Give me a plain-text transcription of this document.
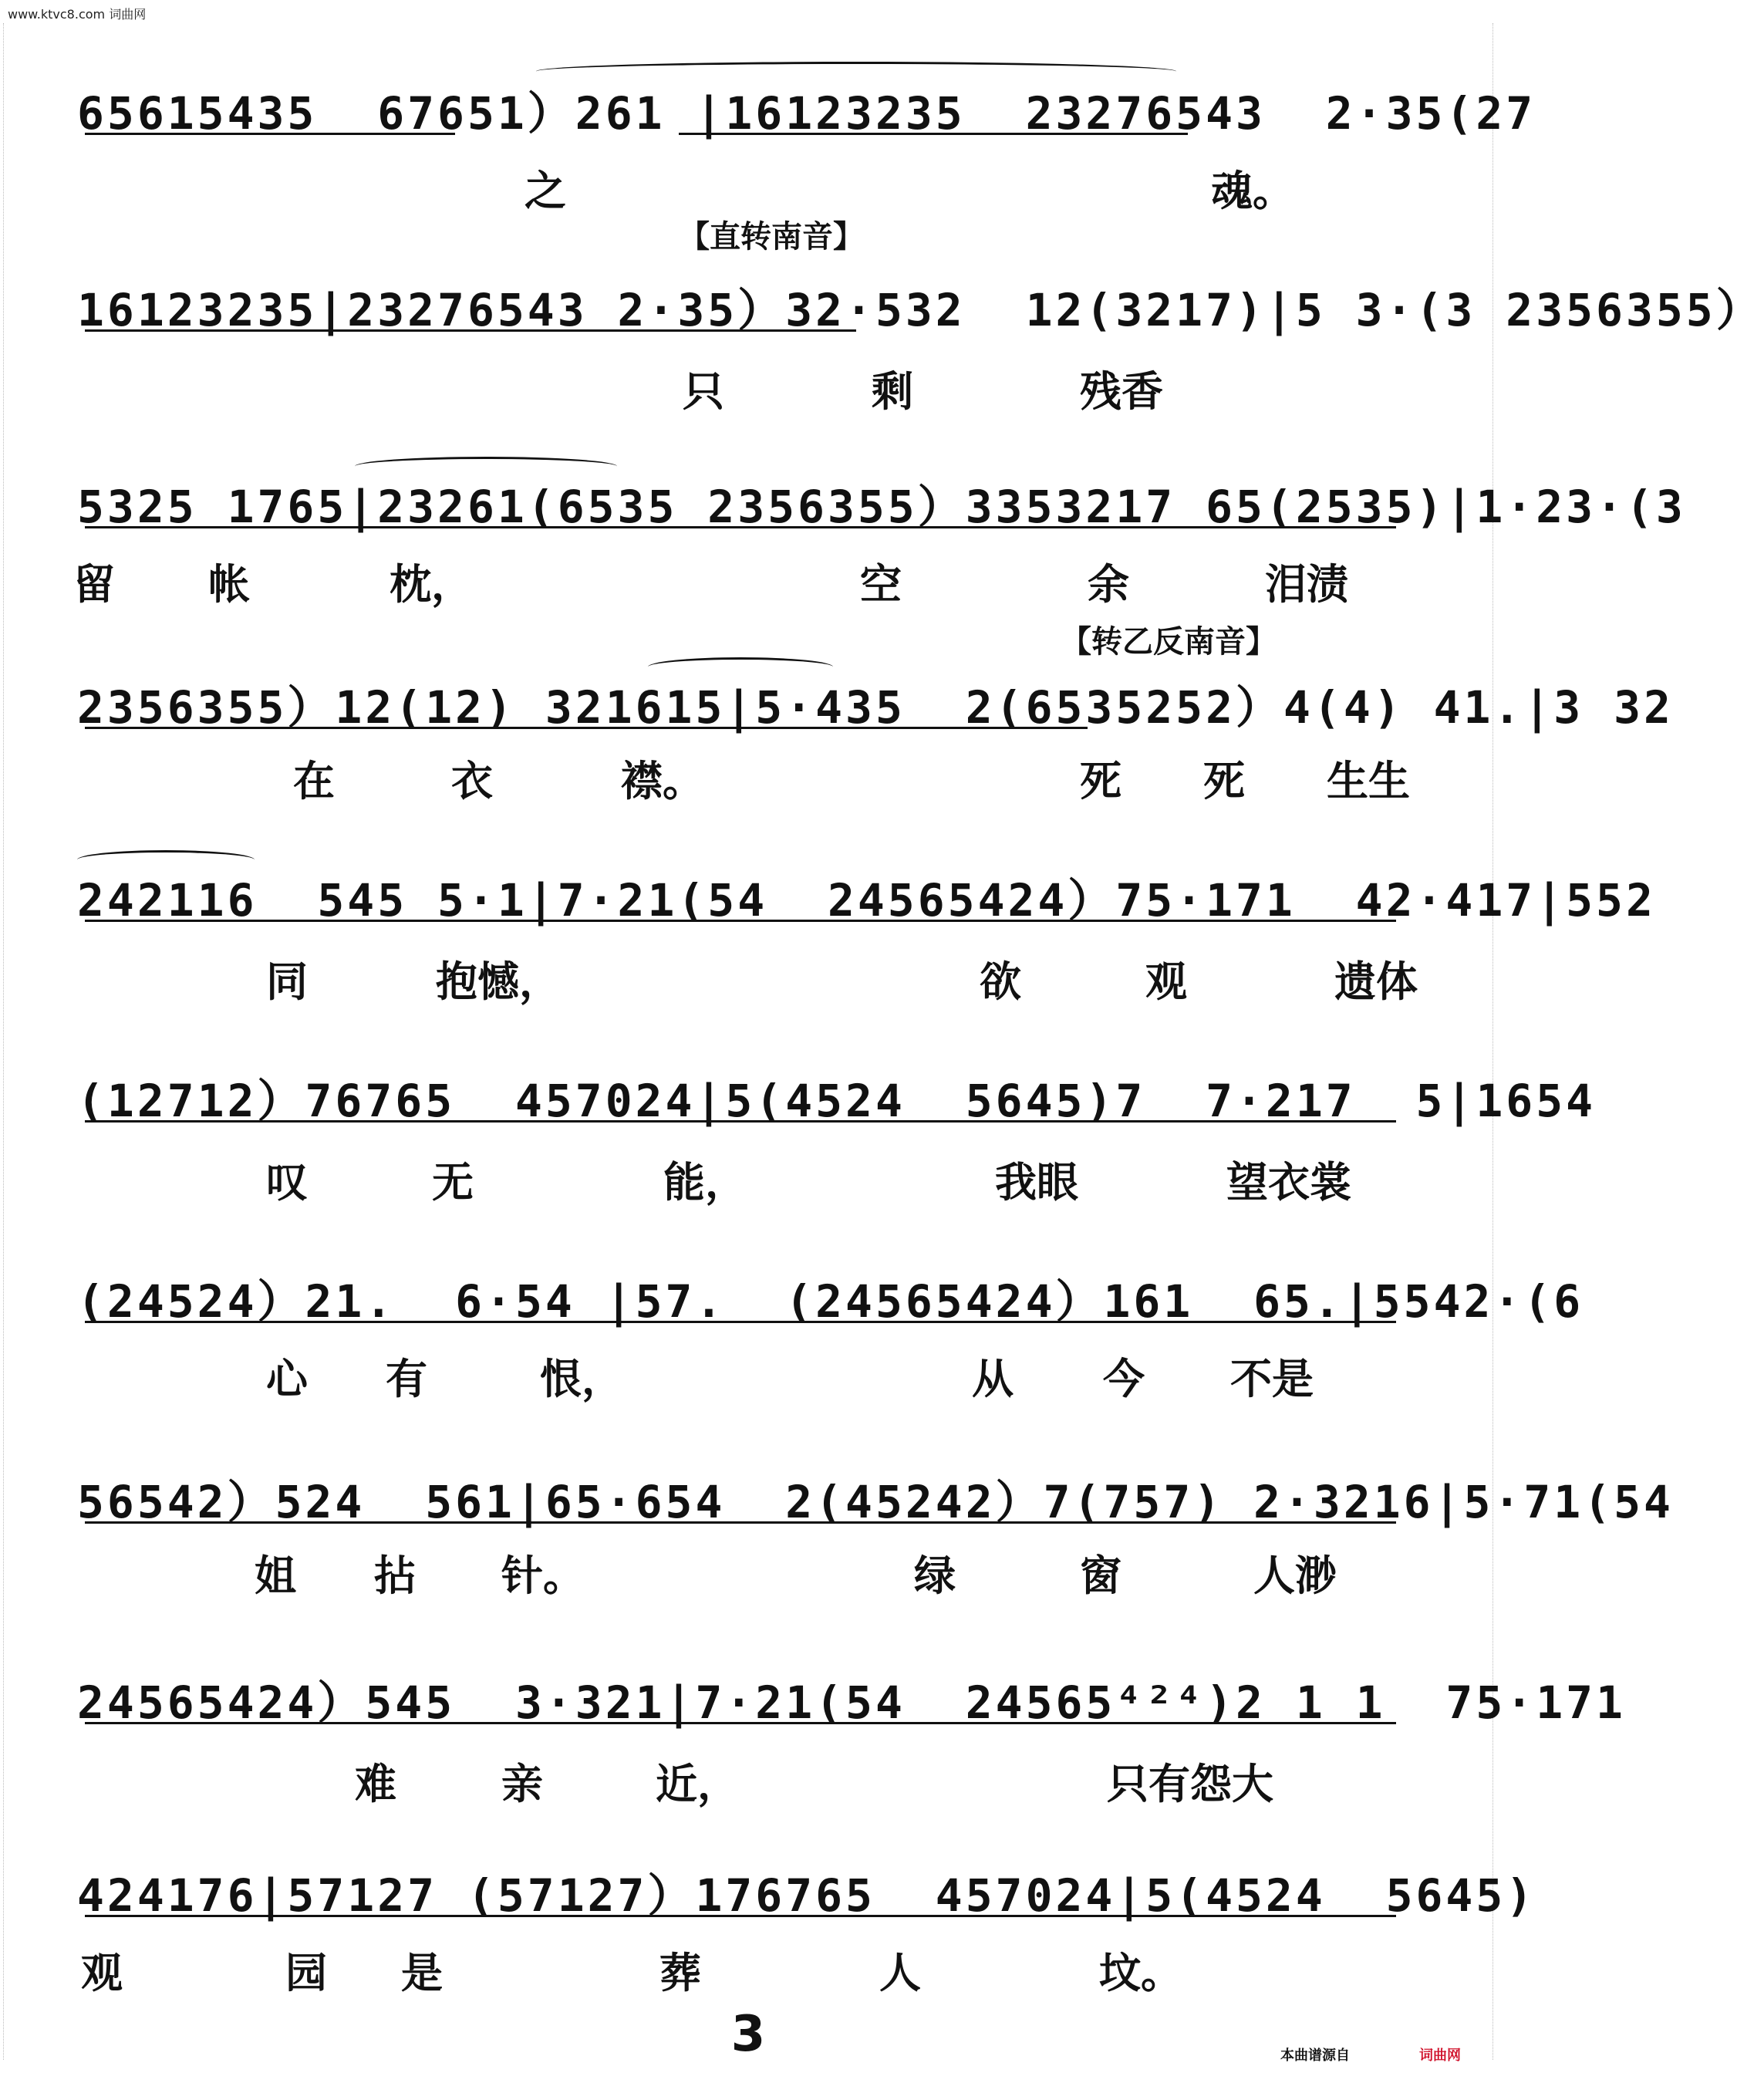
www.ktvc8.com 词曲网
【直转南音】
【转乙反南音】
65615435  67651）261 |16123235  23276543  2·35(27
之	魂。
16123235|23276543 2·35）32·532  12(3217)|5 3·(3 2356355）
只	剩	残香
5325 1765|23261(6535 2356355）3353217 65(2535)|1·23·(3
留 帐	枕，	空	余	泪渍
2356355）12(12) 321615|5·435  2(6535252）4(4) 41.|3 32
在	衣	襟。	死 死 生生
242116  545 5·1|7·21(54  24565424）75·171  42·417|552
同	抱憾，	欲	观	遗体
(12712）76765  457024|5(4524  5645)7  7·217  5|1654
叹	无	能，	我眼	望衣裳
(24524）21.  6·54 |57.  (24565424）161  65.|5542·(6
心 有	恨，	从 今 不是
56542）524  561|65·654  2(45242）7(757) 2·3216|5·71(54
姐 拈 针。	绿	窗	人渺
24565424）545  3·321|7·21(54  24565⁴²⁴)2 1 1  75·171
难	亲	近，	只有怨大
424176|57127 (57127）176765  457024|5(4524  5645)
观	园 是	葬	人	坟。
3	本曲谱源自	词曲网
